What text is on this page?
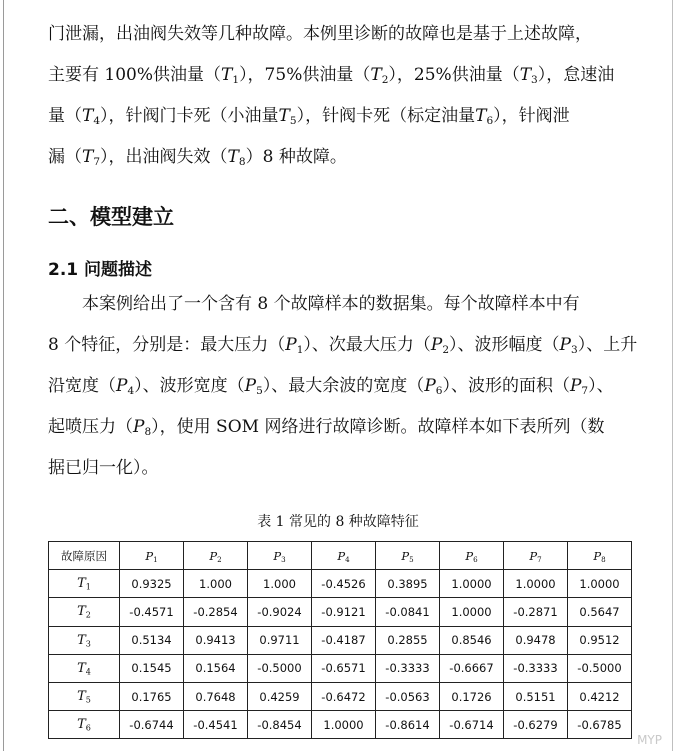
门泄漏，出油阀失效等几种故障。本例里诊断的故障也是基于上述故障，
主要有 100%供油量$(T_1)$，75%供油量$(T_2)$，25%供油量$(T_3)$，怠速油
量$(T_4)$，针阀门卡死（小油量$T_5$），针阀卡死（标定油量$T_6$），针阀泄
漏$(T_7)$，出油阀失效$(T_8)8$ 种故障。

二、模型建立
2.1 问题描述

本案例给出了一个含有 8 个故障样本的数据集。每个故障样本中有
8 个特征，分别是：最大压力$(P_1)$、次最大压力$(P_2)$、波形幅度$(P_3)$、上升
沿宽度$(P_4)$、波形宽度$(P_5)$、最大余波的宽度$(P_6)$、波形的面积$(P_7)$、
起喷压力$(P_8)$，使用 SOM 网络进行故障诊断。故障样本如下表所列（数
据已归一化）。

表 1 常见的 8 种故障特征

故障原因	$P_1$	$P_2$	$P_3$	$P_4$	$P_5$	$P_6$	$P_7$	$P_8$
$T_1$	0.9325	1.000	1.000	-0.4526	0.3895	1.0000	1.0000	1.0000
$T_2$	-0.4571	-0.2854	-0.9024	-0.9121	-0.0841	1.0000	-0.2871	0.5647
$T_3$	0.5134	0.9413	0.9711	-0.4187	0.2855	0.8546	0.9478	0.9512
$T_4$	0.1545	0.1564	-0.5000	-0.6571	-0.3333	-0.6667	-0.3333	-0.5000
$T_5$	0.1765	0.7648	0.4259	-0.6472	-0.0563	0.1726	0.5151	0.4212
$T_6$	-0.6744	-0.4541	-0.8454	1.0000	-0.8614	-0.6714	-0.6279	-0.6785
MYP
